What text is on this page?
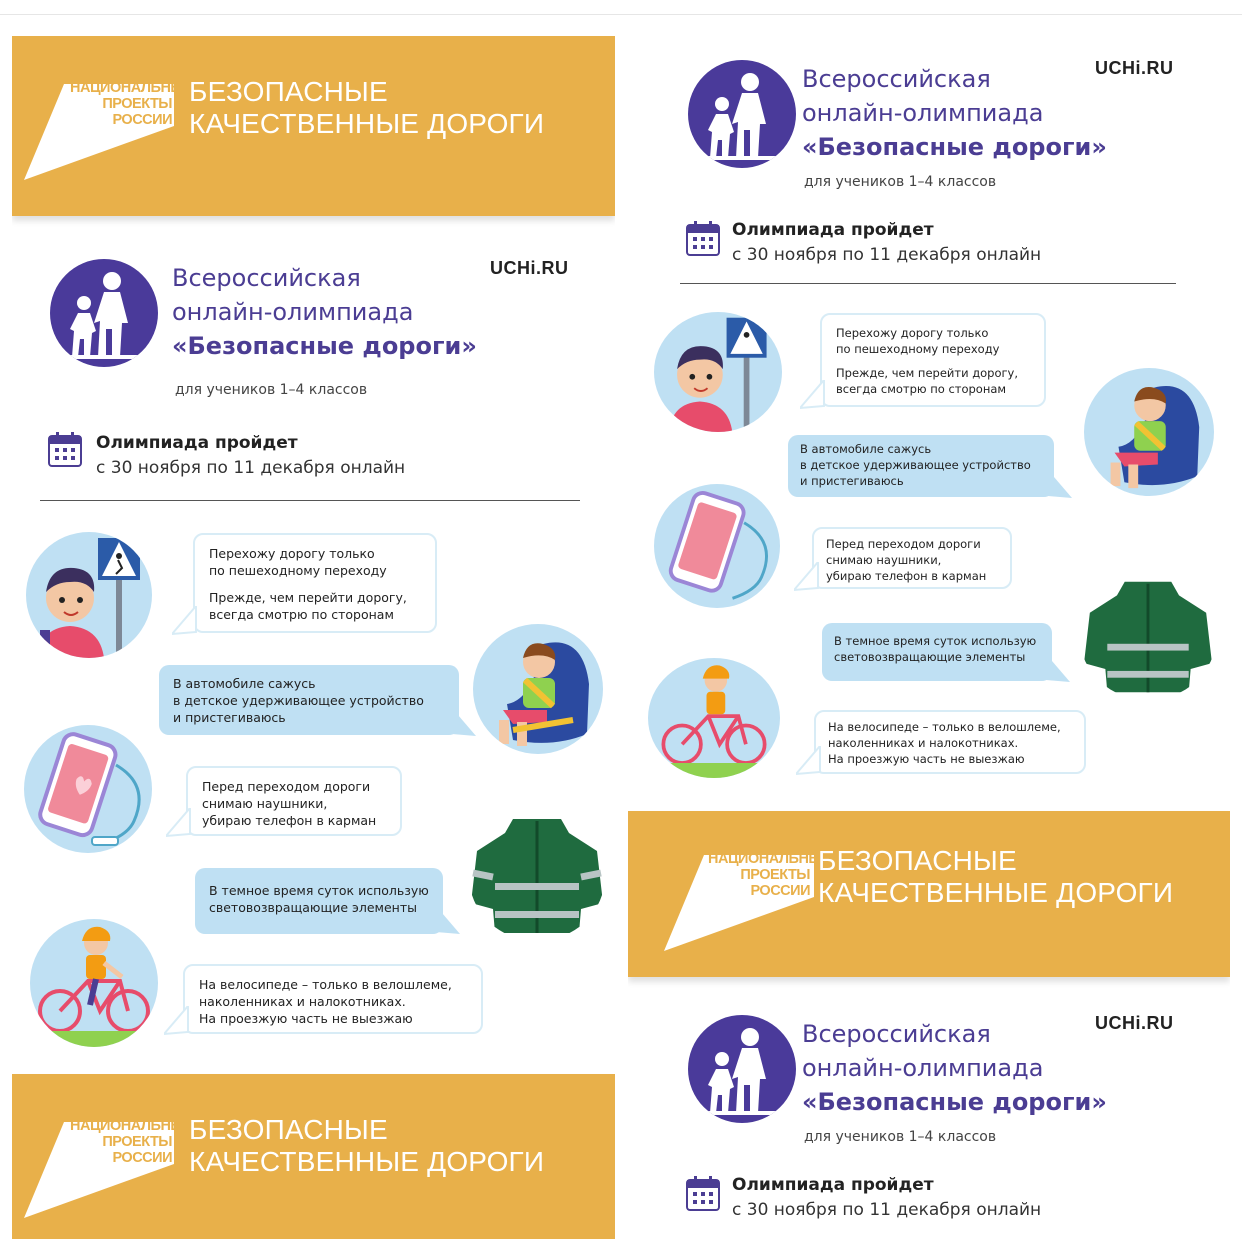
НАЦИОНАЛЬНЫЕ
ПРОЕКТЫ
РОССИИ
БЕЗОПАСНЫЕ
КАЧЕСТВЕННЫЕ ДОРОГИ
UCHi.RU
Всероссийская
онлайн-олимпиада
«Безопасные дороги»
для учеников 1–4 классов
Олимпиада пройдет
с 30 ноября по 11 декабря онлайн
Перехожу дорогу только
по пешеходному переходу
Прежде, чем перейти дорогу,
всегда смотрю по сторонам
В автомобиле сажусь
в детское удерживающее устройство
и пристегиваюсь
Перед переходом дороги
снимаю наушники,
убираю телефон в карман
В темное время суток использую
световозвращающие элементы
На велосипеде – только в велошлеме,
наколенниках и налокотниках.
На проезжую часть не выезжаю
НАЦИОНАЛЬНЫЕ
ПРОЕКТЫ
РОССИИ
БЕЗОПАСНЫЕ
КАЧЕСТВЕННЫЕ ДОРОГИ
UCHi.RU
Всероссийская
онлайн-олимпиада
«Безопасные дороги»
для учеников 1–4 классов
Олимпиада пройдет
с 30 ноября по 11 декабря онлайн
Перехожу дорогу только
по пешеходному переходу
Прежде, чем перейти дорогу,
всегда смотрю по сторонам
В автомобиле сажусь
в детское удерживающее устройство
и пристегиваюсь
Перед переходом дороги
снимаю наушники,
убираю телефон в карман
В темное время суток использую
световозвращающие элементы
На велосипеде – только в велошлеме,
наколенниках и налокотниках.
На проезжую часть не выезжаю
НАЦИОНАЛЬНЫЕ
ПРОЕКТЫ
РОССИИ
БЕЗОПАСНЫЕ
КАЧЕСТВЕННЫЕ ДОРОГИ
UCHi.RU
Всероссийская
онлайн-олимпиада
«Безопасные дороги»
для учеников 1–4 классов
Олимпиада пройдет
с 30 ноября по 11 декабря онлайн
